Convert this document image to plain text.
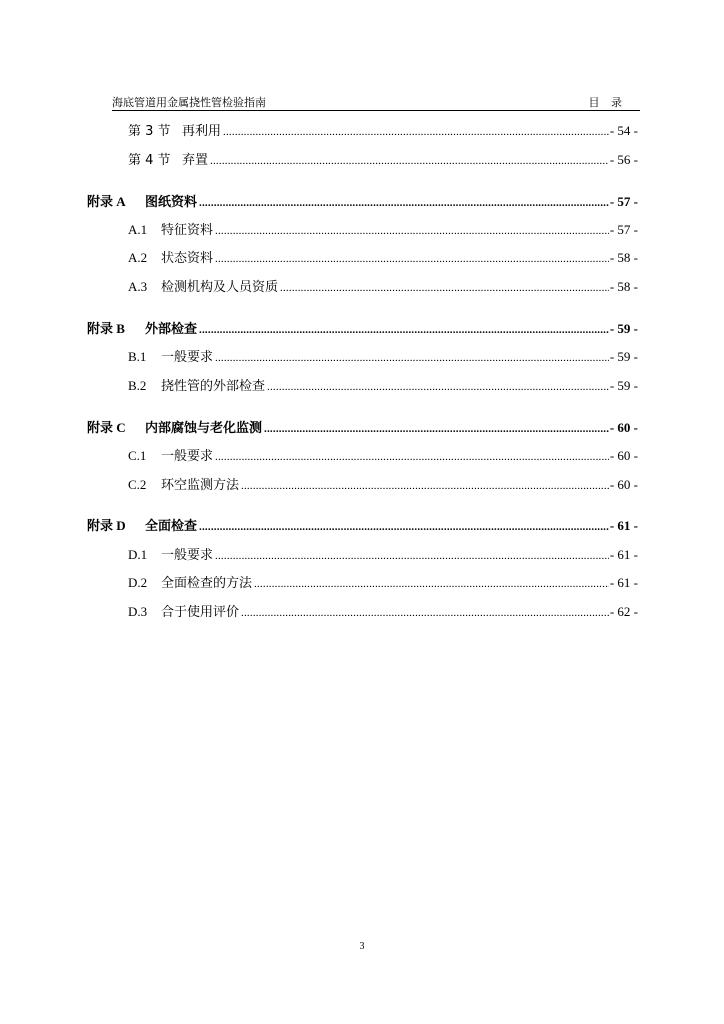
海底管道用金属挠性管检验指南	目 录
第 3 节 再利用 .....	- 54 -
第 4 节 弃置 .....	- 56 -
附录 A	图纸资料 .....	- 57 -
A.1	特征资料 .....	- 57 -
A.2	状态资料 .....	- 58 -
A.3	检测机构及人员资质 .....	- 58 -
附录 B	外部检查 .....	- 59 -
B.1	一般要求 .....	- 59 -
B.2	挠性管的外部检查 .....	- 59 -
附录 C	内部腐蚀与老化监测 .....	- 60 -
C.1	一般要求 .....	- 60 -
C.2	环空监测方法 .....	- 60 -
附录 D	全面检查 .....	- 61 -
D.1	一般要求 .....	- 61 -
D.2	全面检查的方法 .....	- 61 -
D.3	合于使用评价 .....	- 62 -
3
